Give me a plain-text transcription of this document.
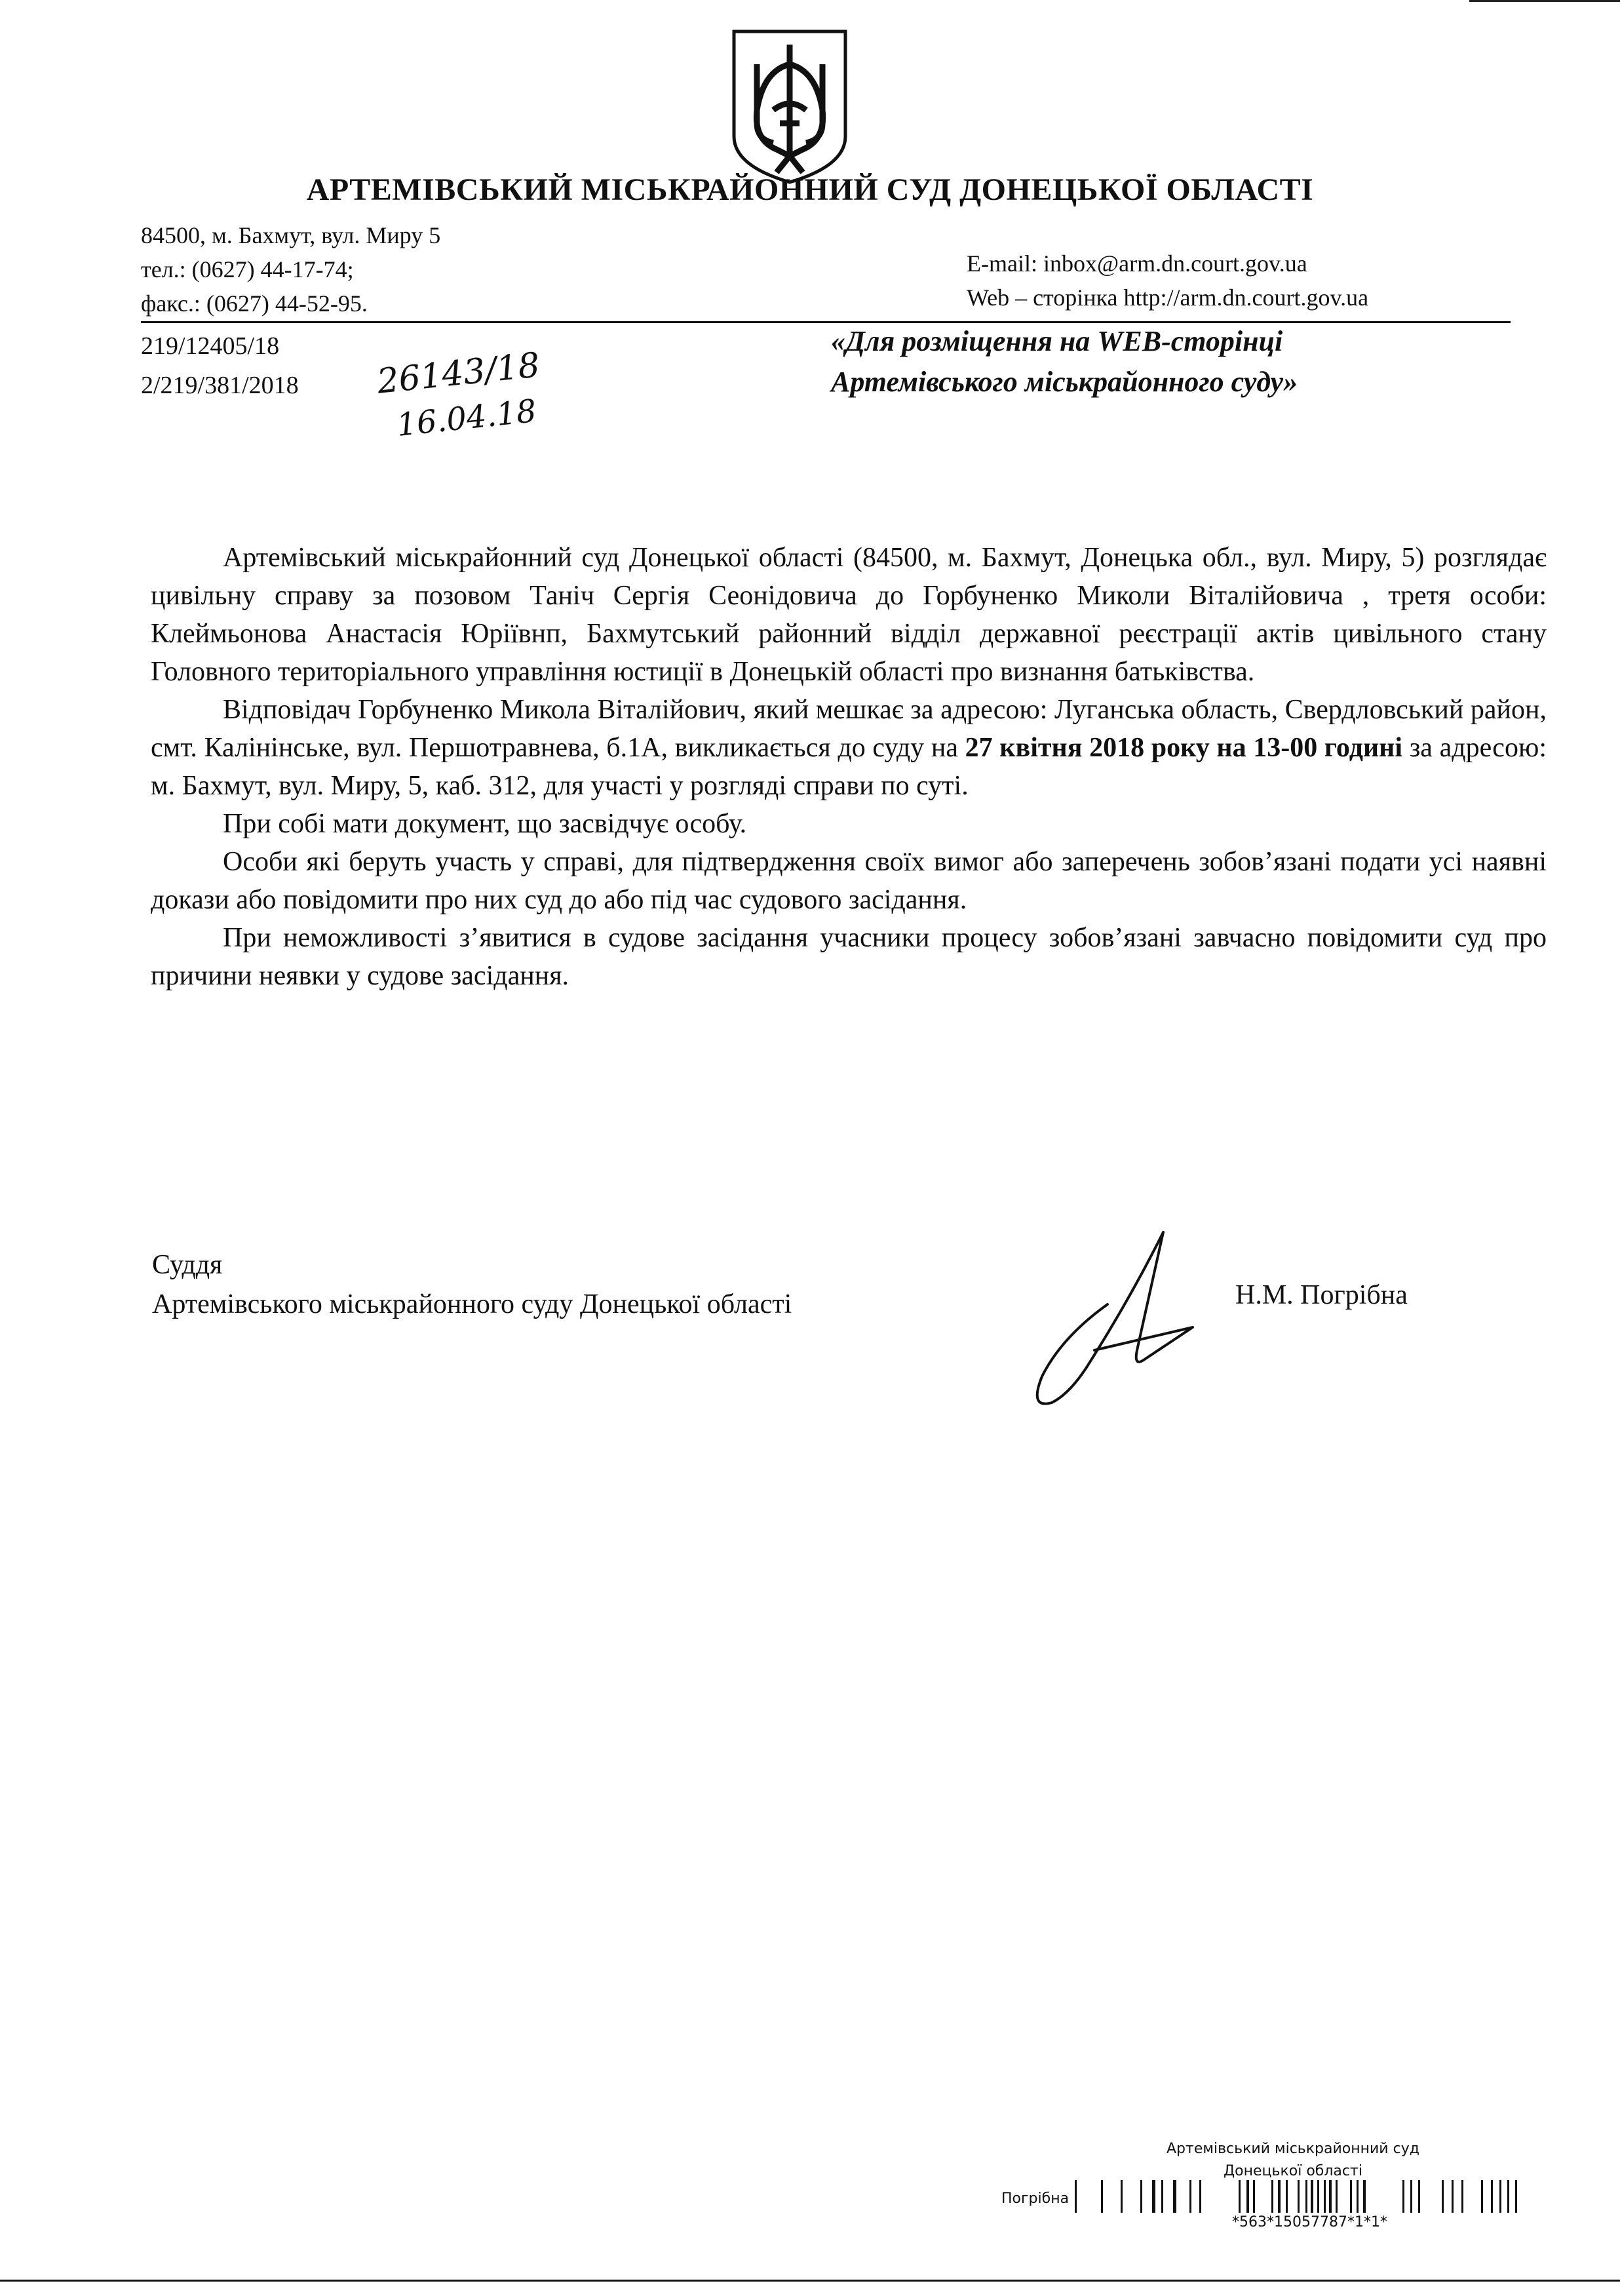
АРТЕМІВСЬКИЙ МІСЬКРАЙОННИЙ СУД ДОНЕЦЬКОЇ ОБЛАСТІ
84500, м. Бахмут, вул. Миру 5
тел.: (0627) 44-17-74;
факс.: (0627) 44-52-95.
E-mail: inbox@arm.dn.court.gov.ua
Web – сторінка http://arm.dn.court.gov.ua
219/12405/18
2/219/381/2018 26143/18
16.04.18
«Для розміщення на WEB-сторінці
Артемівського міськрайонного суду»

Артемівський міськрайонний суд Донецької області (84500, м. Бахмут, Донецька обл., вул. Миру, 5) розглядає цивільну справу за позовом Таніч Сергія Сеонідовича до Горбуненко Миколи Віталійовича , третя особи: Клеймьонова Анастасія Юріївнп, Бахмутський районний відділ державної реєстрації актів цивільного стану Головного територіального управління юстиції в Донецькій області про визнання батьківства.

Відповідач Горбуненко Микола Віталійович, який мешкає за адресою: Луганська область, Свердловський район, смт. Калінінське, вул. Першотравнева, б.1А, викликається до суду на 27 квітня 2018 року на 13-00 годині за адресою: м. Бахмут, вул. Миру, 5, каб. 312, для участі у розгляді справи по суті.

При собі мати документ, що засвідчує особу.

Особи які беруть участь у справі, для підтвердження своїх вимог або заперечень зобов’язані подати усі наявні докази або повідомити про них суд до або під час судового засідання.

При неможливості з’явитися в судове засідання учасники процесу зобов’язані завчасно повідомити суд про причини неявки у судове засідання.

Суддя
Артемівського міськрайонного суду Донецької області	Н.М. Погрібна
Артемівський міськрайонний суд
Донецької області
Погрібна
*563*15057787*1*1*
